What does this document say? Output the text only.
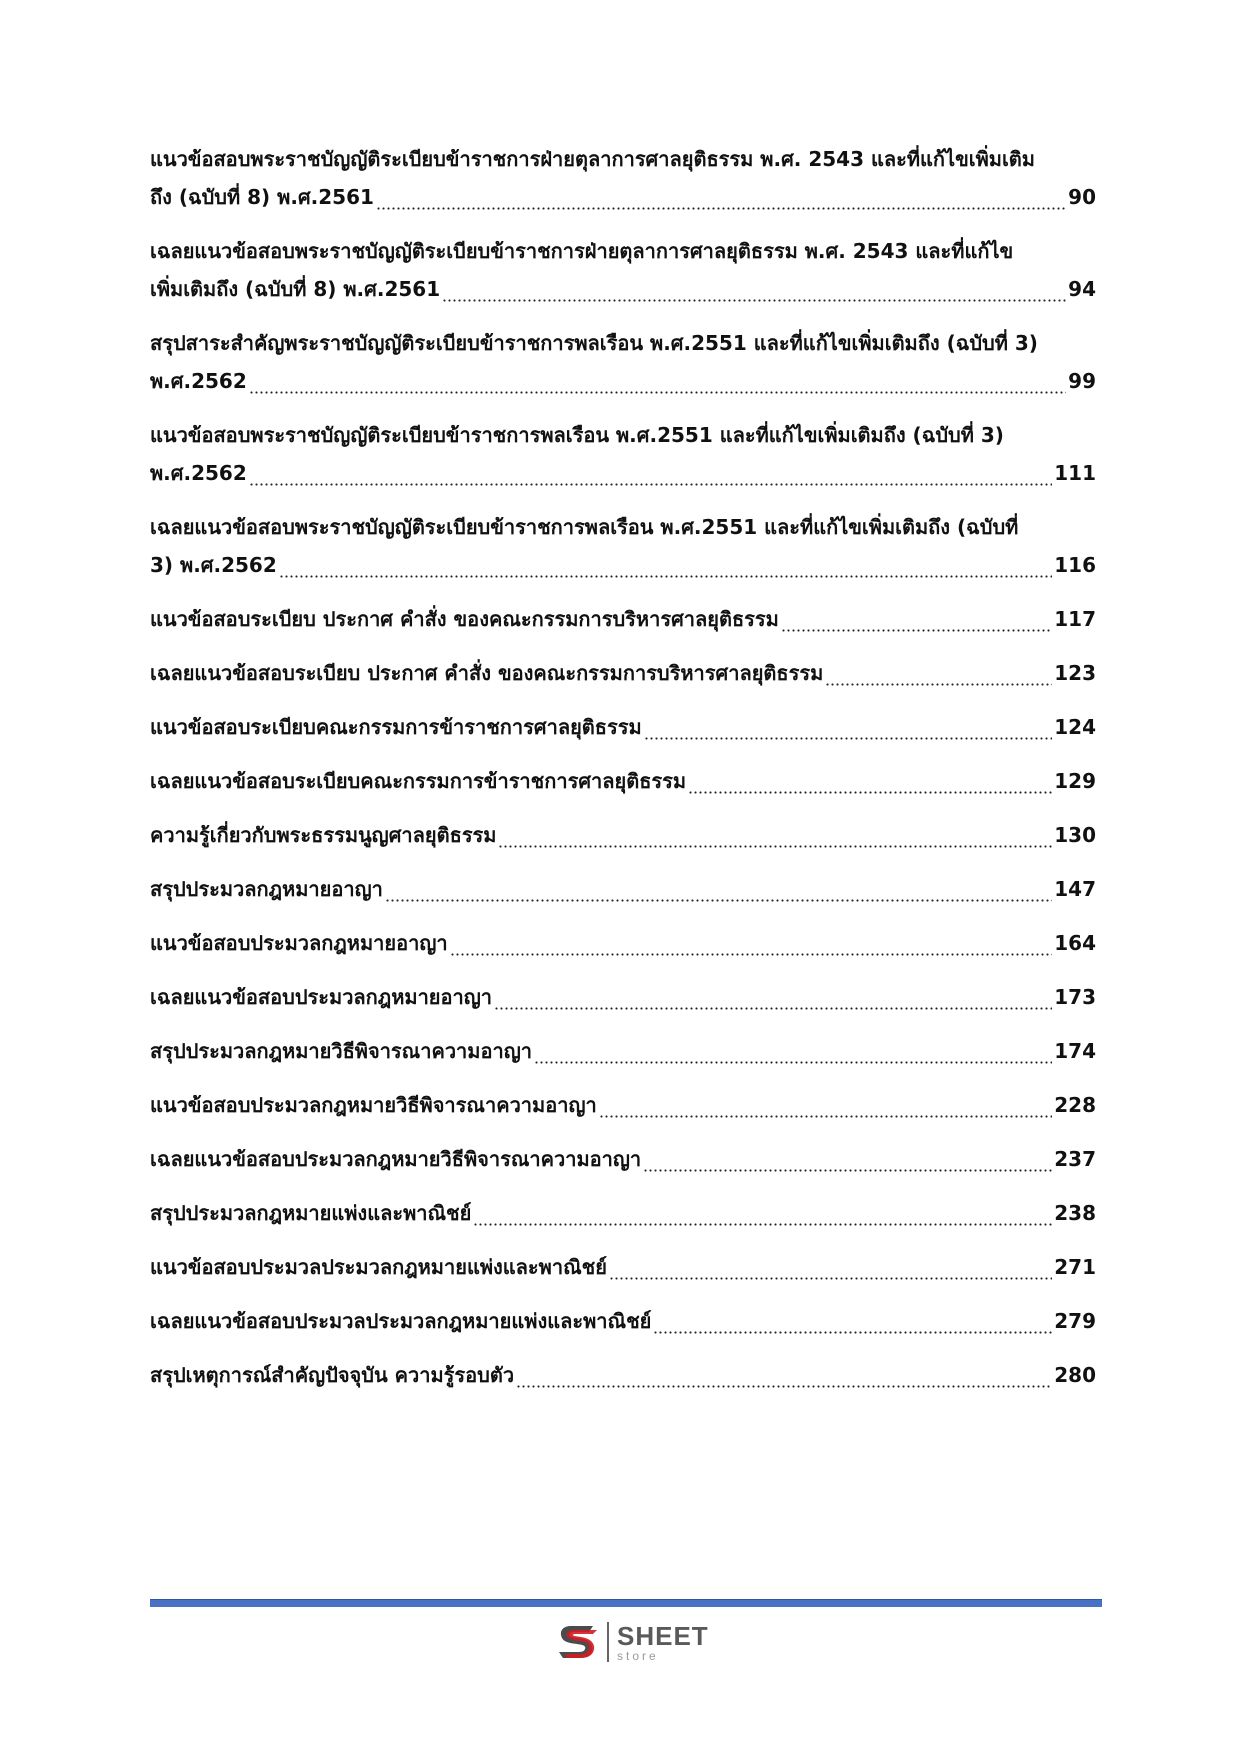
แนวข้อสอบพระราชบัญญัติระเบียบข้าราชการฝ่ายตุลาการศาลยุติธรรม พ.ศ. 2543 และที่แก้ไขเพิ่มเติม
ถึง (ฉบับที่ 8) พ.ศ.2561	90
เฉลยแนวข้อสอบพระราชบัญญัติระเบียบข้าราชการฝ่ายตุลาการศาลยุติธรรม พ.ศ. 2543 และที่แก้ไข
เพิ่มเติมถึง (ฉบับที่ 8) พ.ศ.2561	94
สรุปสาระสำคัญพระราชบัญญัติระเบียบข้าราชการพลเรือน พ.ศ.2551 และที่แก้ไขเพิ่มเติมถึง (ฉบับที่ 3)
พ.ศ.2562	99
แนวข้อสอบพระราชบัญญัติระเบียบข้าราชการพลเรือน พ.ศ.2551 และที่แก้ไขเพิ่มเติมถึง (ฉบับที่ 3)
พ.ศ.2562	111
เฉลยแนวข้อสอบพระราชบัญญัติระเบียบข้าราชการพลเรือน พ.ศ.2551 และที่แก้ไขเพิ่มเติมถึง (ฉบับที่
3) พ.ศ.2562	116
แนวข้อสอบระเบียบ ประกาศ คำสั่ง ของคณะกรรมการบริหารศาลยุติธรรม	117
เฉลยแนวข้อสอบระเบียบ ประกาศ คำสั่ง ของคณะกรรมการบริหารศาลยุติธรรม	123
แนวข้อสอบระเบียบคณะกรรมการข้าราชการศาลยุติธรรม	124
เฉลยแนวข้อสอบระเบียบคณะกรรมการข้าราชการศาลยุติธรรม	129
ความรู้เกี่ยวกับพระธรรมนูญศาลยุติธรรม	130
สรุปประมวลกฎหมายอาญา	147
แนวข้อสอบประมวลกฎหมายอาญา	164
เฉลยแนวข้อสอบประมวลกฎหมายอาญา	173
สรุปประมวลกฎหมายวิธีพิจารณาความอาญา	174
แนวข้อสอบประมวลกฎหมายวิธีพิจารณาความอาญา	228
เฉลยแนวข้อสอบประมวลกฎหมายวิธีพิจารณาความอาญา	237
สรุปประมวลกฎหมายแพ่งและพาณิชย์	238
แนวข้อสอบประมวลประมวลกฎหมายแพ่งและพาณิชย์	271
เฉลยแนวข้อสอบประมวลประมวลกฎหมายแพ่งและพาณิชย์	279
สรุปเหตุการณ์สำคัญปัจจุบัน ความรู้รอบตัว	280
SHEET
store
